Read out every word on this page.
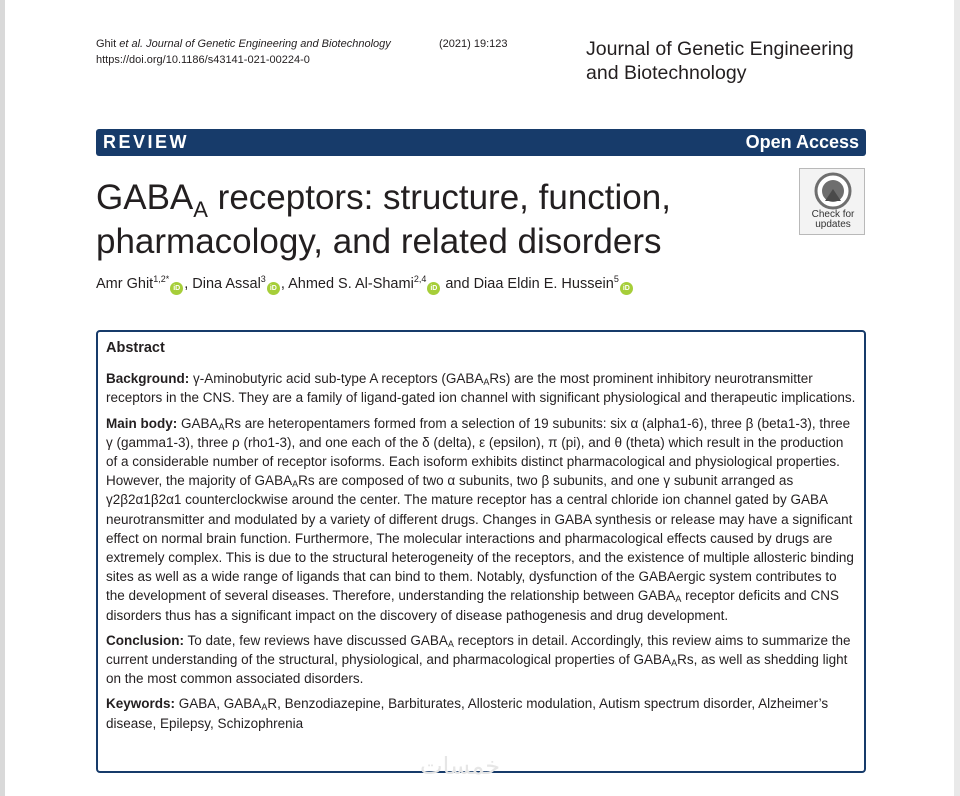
Ghit et al. Journal of Genetic Engineering and Biotechnology	(2021) 19:123
https://doi.org/10.1186/s43141-021-00224-0	Journal of Genetic Engineering and Biotechnology
REVIEW	Open Access
$GABA_A$ receptors: structure, function, pharmacology, and related disorders
Check for updates
Amr Ghit$^{1,2*}$iD , Dina Assal$^3$iD , Ahmed S. Al-Shami$^{2,4}$iD and Diaa Eldin E. Hussein$^5$iD
Abstract

Background: γ-Aminobutyric acid sub-type A receptors $(GABA_ARs)$ are the most prominent inhibitory neurotransmitter receptors in the CNS. They are a family of ligand-gated ion channel with significant physiological and therapeutic implications.

Main body: $GABA_ARs$ are heteropentamers formed from a selection of 19 subunits: six α (alpha1-6), three β (beta1-3), three γ (gamma1-3), three ρ (rho1-3), and one each of the δ (delta), ε (epsilon), π (pi), and θ (theta) which result in the production of a considerable number of receptor isoforms. Each isoform exhibits distinct pharmacological and physiological properties. However, the majority of $GABA_ARs$ are composed of two α subunits, two β subunits, and one γ subunit arranged as γ2β2α1β2α1 counterclockwise around the center. The mature receptor has a central chloride ion channel gated by GABA neurotransmitter and modulated by a variety of different drugs. Changes in GABA synthesis or release may have a significant effect on normal brain function. Furthermore, The molecular interactions and pharmacological effects caused by drugs are extremely complex. This is due to the structural heterogeneity of the receptors, and the existence of multiple allosteric binding sites as well as a wide range of ligands that can bind to them. Notably, dysfunction of the GABAergic system contributes to the development of several diseases. Therefore, understanding the relationship between $GABA_A$ receptor deficits and CNS disorders thus has a significant impact on the discovery of disease pathogenesis and drug development.

Conclusion: To date, few reviews have discussed $GABA_A$ receptors in detail. Accordingly, this review aims to summarize the current understanding of the structural, physiological, and pharmacological properties of $GABA_ARs$, as well as shedding light on the most common associated disorders.

Keywords: GABA, $GABA_AR$, Benzodiazepine, Barbiturates, Allosteric modulation, Autism spectrum disorder, Alzheimer’s disease, Epilepsy, Schizophrenia

خمسات
